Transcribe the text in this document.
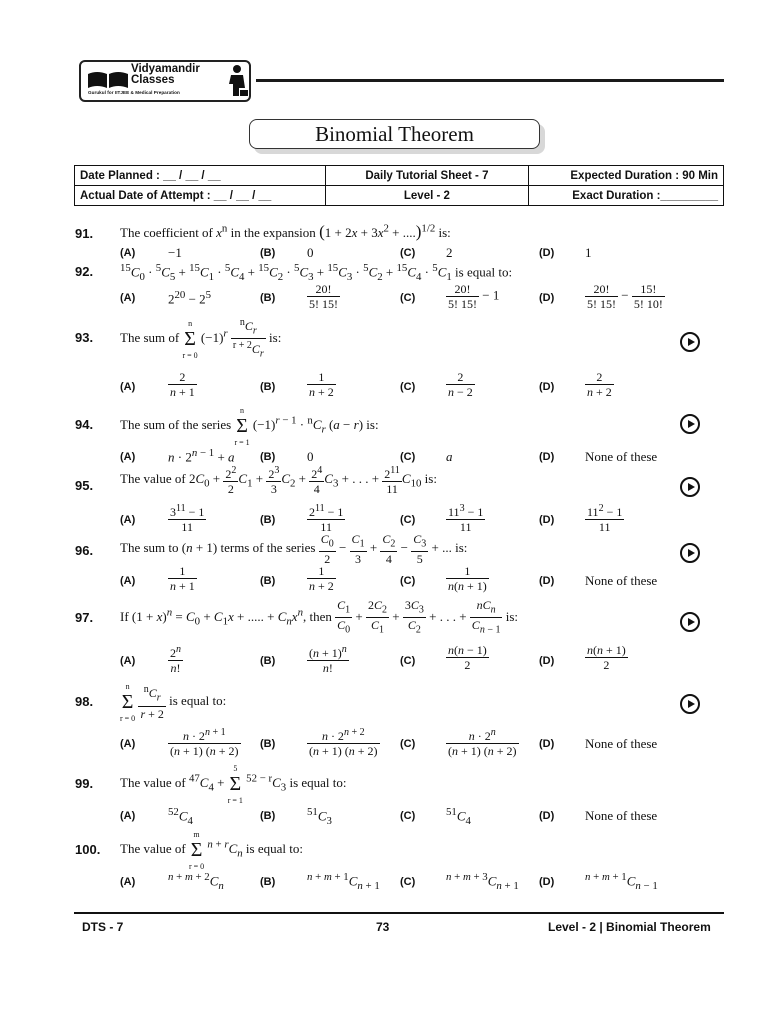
Vidyamandir
Classes
Gurukul for IITJEE & Medical Preparation
Binomial Theorem
Date Planned : __ / __ / __	Daily Tutorial Sheet - 7	Expected Duration : 90 Min
Actual Date of Attempt : __ / __ / __	Level - 2	Exact Duration :_________
91. The coefficient of $x^n$ in the expansion $(1 + 2x + 3x^2 + ....)^{1/2}$ is:
(A)	−1	(B) 0	(C) 2	(D) 1
92. $^{15}C_0 \cdot ^5C_5 + ^{15}C_1 \cdot ^5C_4 + ^{15}C_2 \cdot ^5C_3 + ^{15}C_3 \cdot ^5C_2 + ^{15}C_4 \cdot ^5C_1$ is equal to:
(A)	$2^{20} - 2^5$	(B)	$\frac{20!}{5! 15!}$	(C)	$\frac{20!}{5! 15!} - 1$	(D)	$\frac{20!}{5! 15!} - \frac{15!}{5! 10!}$
93. The sum of n
Σ
r = 0 $(-1)^r \frac{^nC_r}{^{r + 2}C_r}$ is:
(A)	$\frac{2}{n + 1}$	(B)	$\frac{1}{n + 2}$	(C)	$\frac{2}{n - 2}$	(D)	$\frac{2}{n + 2}$
94. The sum of the series n
Σ
r = 1 $(-1)^{r - 1} \cdot ^nC_r$ (a − r) is:
(A)	$n \cdot 2^{n - 1} + a$ (B) 0	(C) a	(D) None of these
95. The value of $2C_0 + \frac{2^2}{2} C_1 + \frac{2^3}{3} C_2 + \frac{2^4}{4} C_3$ + . . . + $\frac{2^{11}}{11} C_{10}$ is:
(A)	$\frac{3^{11} - 1}{11}$	(B)	$\frac{2^{11} - 1}{11}$	(C)	$\frac{11^3 - 1}{11}$	(D)	$\frac{11^2 - 1}{11}$
96. The sum to (n + 1) terms of the series $\frac{C_0}{2} - \frac{C_1}{3} + \frac{C_2}{4} - \frac{C_3}{5}$ + ... is:
(A)	$\frac{1}{n + 1}$	(B)	$\frac{1}{n + 2}$	(C)	$\frac{1}{n(n + 1)}$	(D) None of these
97. If $(1 + x)^n = C_0 + C_1x$ + ..... + $C_nx^n$, then $\frac{C_1}{C_0} + \frac{2C_2}{C_1} + \frac{3C_3}{C_2}$ + . . . + $\frac{nC_n}{C_{n - 1}}$ is:
(A)	$\frac{2^n}{n!}$	(B)	$\frac{(n + 1)^n}{n!}$	(C)	$\frac{n(n - 1)}{2}$	(D)	$\frac{n(n + 1)}{2}$
98.
n
Σ
$r = 0 \frac{^nC_r}{r + 2}$ is equal to:
(A)	$\frac{n \cdot 2^{n + 1}}{(n + 1) (n + 2)} (B)$	$\frac{n \cdot 2^{n + 2}}{(n + 1) (n + 2)} (C)$	$\frac{n \cdot 2^n}{(n + 1) (n + 2)} (D)$ None of these
99. The value of $^{47}C_4 + 5$
Σ
r = 1 $^{52 - r}C_3$ is equal to:
(A)	$^{52}C_4$	(B)	$^{51}C_3$	(C)	$^{51}C_4$	(D) None of these
100. The value of m
Σ
r = 0 $^{n + r}C_n$ is equal to:
(A)	$^{n + m + 2}C_n$	(B)	$^{n + m + 1}C_{n + 1}$ (C)	$^{n + m + 3}C_{n + 1}$ (D)	$^{n + m + 1}C_{n - 1}$
DTS - 7	73	Level - 2 | Binomial Theorem
